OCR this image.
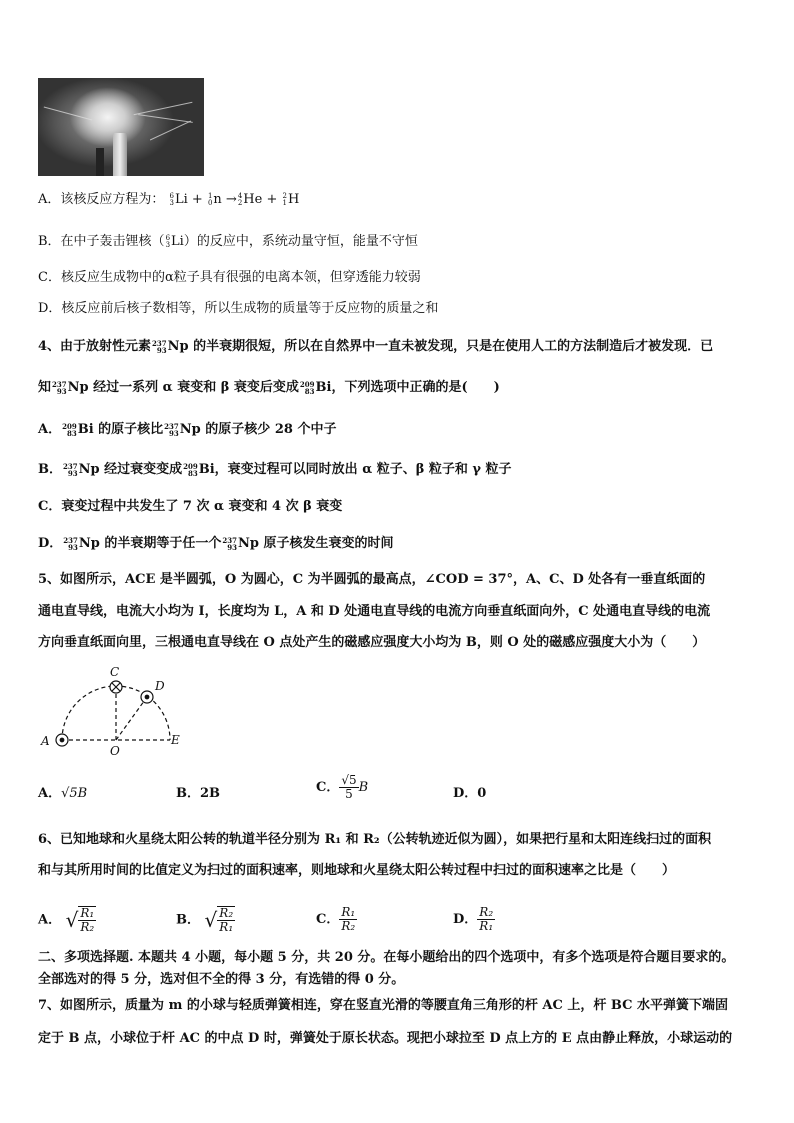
A．该核反应方程为： 6
3 Li + 1
0 n → 4
2 He + 2
1 H
B．在中子轰击锂核（ 6
3 Li）的反应中，系统动量守恒，能量不守恒
C．核反应生成物中的α粒子具有很强的电离本领，但穿透能力较弱
D．核反应前后核子数相等，所以生成物的质量等于反应物的质量之和
4、由于放射性元素 237
93 Np 的半衰期很短，所以在自然界中一直未被发现，只是在使用人工的方法制造后才被发现．已
知 237
93 Np 经过一系列 α 衰变和 β 衰变后变成 209
83 Bi，下列选项中正确的是(　　)
A． 209
83 Bi 的原子核比 237
93 Np 的原子核少 28 个中子
B． 237
93 Np 经过衰变变成 209
83 Bi，衰变过程可以同时放出 α 粒子、β 粒子和 γ 粒子
C．衰变过程中共发生了 7 次 α 衰变和 4 次 β 衰变
D． 237
93 Np 的半衰期等于任一个 237
93 Np 原子核发生衰变的时间
5、如图所示，ACE 是半圆弧，O 为圆心，C 为半圆弧的最高点，∠COD = 37°，A、C、D 处各有一垂直纸面的
通电直导线，电流大小均为 I，长度均为 L，A 和 D 处通电直导线的电流方向垂直纸面向外，C 处通电直导线的电流
方向垂直纸面向里，三根通电直导线在 O 点处产生的磁感应强度大小均为 B，则 O 处的磁感应强度大小为（　　）
A
C
D
O
E
A．√5B	B．2B	C． $\frac{√5}{5}$ B	D．0
6、已知地球和火星绕太阳公转的轨道半径分别为 R₁ 和 R₂（公转轨迹近似为圆），如果把行星和太阳连线扫过的面积
和与其所用时间的比值定义为扫过的面积速率，则地球和火星绕太阳公转过程中扫过的面积速率之比是（　　）
A． √ $\frac{\text{R₁}}{\text{R₂}}$	B． √ $\frac{\text{R₂}}{\text{R₁}}$	C． $\frac{\text{R₁}}{\text{R₂}}$	D． $\frac{\text{R₂}}{\text{R₁}}$
二、多项选择题. 本题共 4 小题，每小题 5 分，共 20 分。在每小题给出的四个选项中，有多个选项是符合题目要求的。
全部选对的得 5 分，选对但不全的得 3 分，有选错的得 0 分。
7、如图所示，质量为 m 的小球与轻质弹簧相连，穿在竖直光滑的等腰直角三角形的杆 AC 上，杆 BC 水平弹簧下端固
定于 B 点，小球位于杆 AC 的中点 D 时，弹簧处于原长状态。现把小球拉至 D 点上方的 E 点由静止释放，小球运动的
